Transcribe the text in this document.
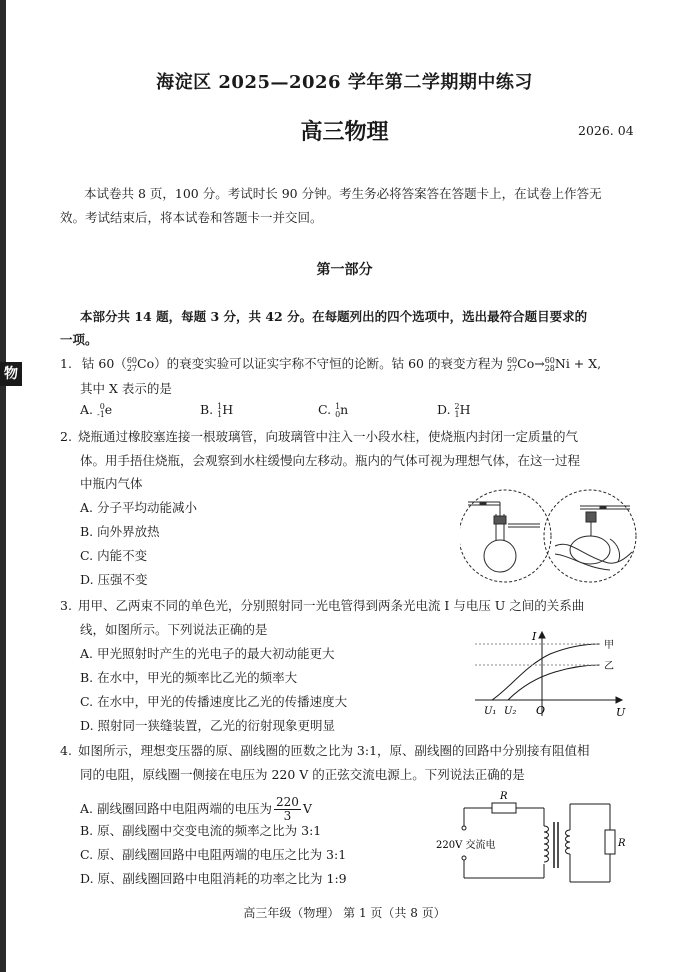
物
海淀区 2025—2026 学年第二学期期中练习
高三物理	2026. 04
本试卷共 8 页，100 分。考试时长 90 分钟。考生务必将答案答在答题卡上，在试卷上作答无
效。考试结束后，将本试卷和答题卡一并交回。
第一部分
本部分共 14 题，每题 3 分，共 42 分。在每题列出的四个选项中，选出最符合题目要求的
一项。
1. 钴 60（ 60
27 Co）的衰变实验可以证实宇称不守恒的论断。钴 60 的衰变方程为 60
27 Co→ 60
28 Ni + X,
其中 X 表示的是
A. 0
-1 e	B. 1
1 H	C. 1
0 n	D. 2
1 H
2. 烧瓶通过橡胶塞连接一根玻璃管，向玻璃管中注入一小段水柱，使烧瓶内封闭一定质量的气
体。用手捂住烧瓶，会观察到水柱缓慢向左移动。瓶内的气体可视为理想气体，在这一过程
中瓶内气体
A. 分子平均动能减小
B. 向外界放热
C. 内能不变
D. 压强不变
3. 用甲、乙两束不同的单色光，分别照射同一光电管得到两条光电流 I 与电压 U 之间的关系曲
线，如图所示。下列说法正确的是
A. 甲光照射时产生的光电子的最大初动能更大
B. 在水中，甲光的频率比乙光的频率大
C. 在水中，甲光的传播速度比乙光的传播速度大
D. 照射同一狭缝装置，乙光的衍射现象更明显
I
U
O
U₁ U₂
甲
乙
4. 如图所示，理想变压器的原、副线圈的匝数之比为 3:1，原、副线圈的回路中分别接有阻值相
同的电阻，原线圈一侧接在电压为 220 V 的正弦交流电源上。下列说法正确的是
A. 副线圈回路中电阻两端的电压为 $\frac{220}{3}$ V
B. 原、副线圈中交变电流的频率之比为 3:1
C. 原、副线圈回路中电阻两端的电压之比为 3:1
D. 原、副线圈回路中电阻消耗的功率之比为 1:9
R
R
220V 交流电
高三年级（物理） 第 1 页（共 8 页）
